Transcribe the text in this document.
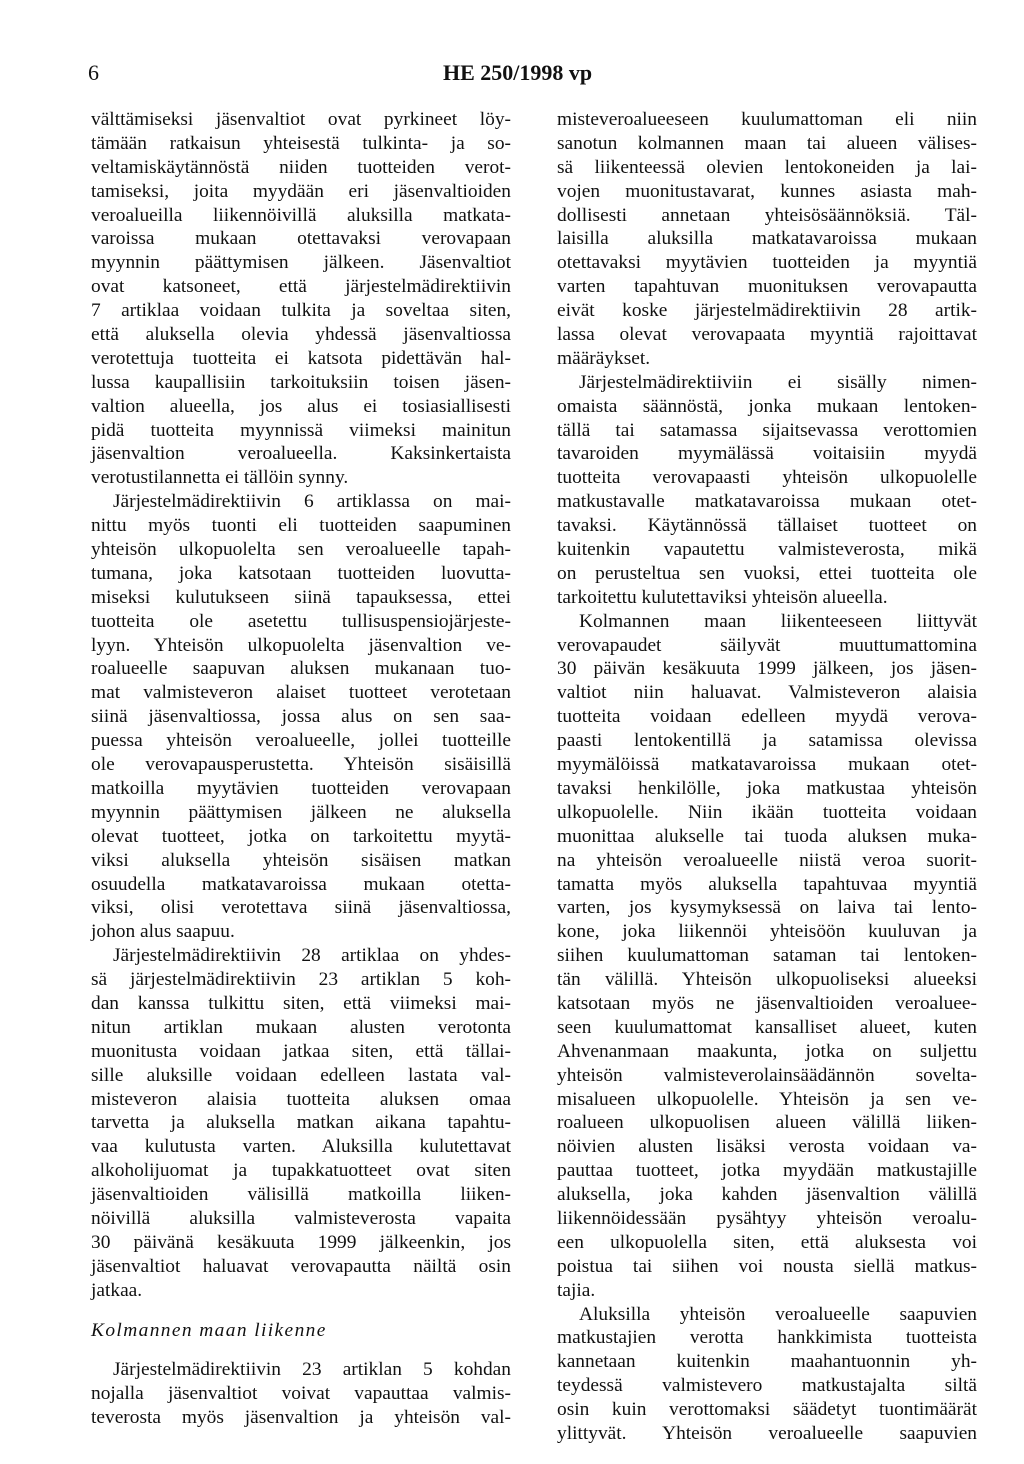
6	HE 250/1998 vp
välttämiseksi jäsenvaltiot ovat pyrkineet löy-
tämään ratkaisun yhteisestä tulkinta- ja so-
veltamiskäytännöstä niiden tuotteiden verot-
tamiseksi, joita myydään eri jäsenvaltioiden
veroalueilla liikennöivillä aluksilla matkata-
varoissa mukaan otettavaksi verovapaan
myynnin päättymisen jälkeen. Jäsenvaltiot
ovat katsoneet, että järjestelmädirektiivin
7 artiklaa voidaan tulkita ja soveltaa siten,
että aluksella olevia yhdessä jäsenvaltiossa
verotettuja tuotteita ei katsota pidettävän hal-
lussa kaupallisiin tarkoituksiin toisen jäsen-
valtion alueella, jos alus ei tosiasiallisesti
pidä tuotteita myynnissä viimeksi mainitun
jäsenvaltion veroalueella. Kaksinkertaista
verotustilannetta ei tällöin synny.
Järjestelmädirektiivin 6 artiklassa on mai-
nittu myös tuonti eli tuotteiden saapuminen
yhteisön ulkopuolelta sen veroalueelle tapah-
tumana, joka katsotaan tuotteiden luovutta-
miseksi kulutukseen siinä tapauksessa, ettei
tuotteita ole asetettu tullisuspensiojärjeste-
lyyn. Yhteisön ulkopuolelta jäsenvaltion ve-
roalueelle saapuvan aluksen mukanaan tuo-
mat valmisteveron alaiset tuotteet verotetaan
siinä jäsenvaltiossa, jossa alus on sen saa-
puessa yhteisön veroalueelle, jollei tuotteille
ole verovapausperustetta. Yhteisön sisäisillä
matkoilla myytävien tuotteiden verovapaan
myynnin päättymisen jälkeen ne aluksella
olevat tuotteet, jotka on tarkoitettu myytä-
viksi aluksella yhteisön sisäisen matkan
osuudella matkatavaroissa mukaan otetta-
viksi, olisi verotettava siinä jäsenvaltiossa,
johon alus saapuu.
Järjestelmädirektiivin 28 artiklaa on yhdes-
sä järjestelmädirektiivin 23 artiklan 5 koh-
dan kanssa tulkittu siten, että viimeksi mai-
nitun artiklan mukaan alusten verotonta
muonitusta voidaan jatkaa siten, että tällai-
sille aluksille voidaan edelleen lastata val-
misteveron alaisia tuotteita aluksen omaa
tarvetta ja aluksella matkan aikana tapahtu-
vaa kulutusta varten. Aluksilla kulutettavat
alkoholijuomat ja tupakkatuotteet ovat siten
jäsenvaltioiden välisillä matkoilla liiken-
nöivillä aluksilla valmisteverosta vapaita
30 päivänä kesäkuuta 1999 jälkeenkin, jos
jäsenvaltiot haluavat verovapautta näiltä osin
jatkaa.
Kolmannen maan liikenne
Järjestelmädirektiivin 23 artiklan 5 kohdan
nojalla jäsenvaltiot voivat vapauttaa valmis-
teverosta myös jäsenvaltion ja yhteisön val-
misteveroalueeseen kuulumattoman eli niin
sanotun kolmannen maan tai alueen välises-
sä liikenteessä olevien lentokoneiden ja lai-
vojen muonitustavarat, kunnes asiasta mah-
dollisesti annetaan yhteisösäännöksiä. Täl-
laisilla aluksilla matkatavaroissa mukaan
otettavaksi myytävien tuotteiden ja myyntiä
varten tapahtuvan muonituksen verovapautta
eivät koske järjestelmädirektiivin 28 artik-
lassa olevat verovapaata myyntiä rajoittavat
määräykset.
Järjestelmädirektiiviin ei sisälly nimen-
omaista säännöstä, jonka mukaan lentoken-
tällä tai satamassa sijaitsevassa verottomien
tavaroiden myymälässä voitaisiin myydä
tuotteita verovapaasti yhteisön ulkopuolelle
matkustavalle matkatavaroissa mukaan otet-
tavaksi. Käytännössä tällaiset tuotteet on
kuitenkin vapautettu valmisteverosta, mikä
on perusteltua sen vuoksi, ettei tuotteita ole
tarkoitettu kulutettaviksi yhteisön alueella.
Kolmannen maan liikenteeseen liittyvät
verovapaudet säilyvät muuttumattomina
30 päivän kesäkuuta 1999 jälkeen, jos jäsen-
valtiot niin haluavat. Valmisteveron alaisia
tuotteita voidaan edelleen myydä verova-
paasti lentokentillä ja satamissa olevissa
myymälöissä matkatavaroissa mukaan otet-
tavaksi henkilölle, joka matkustaa yhteisön
ulkopuolelle. Niin ikään tuotteita voidaan
muonittaa alukselle tai tuoda aluksen muka-
na yhteisön veroalueelle niistä veroa suorit-
tamatta myös aluksella tapahtuvaa myyntiä
varten, jos kysymyksessä on laiva tai lento-
kone, joka liikennöi yhteisöön kuuluvan ja
siihen kuulumattoman sataman tai lentoken-
tän välillä. Yhteisön ulkopuoliseksi alueeksi
katsotaan myös ne jäsenvaltioiden veroaluee-
seen kuulumattomat kansalliset alueet, kuten
Ahvenanmaan maakunta, jotka on suljettu
yhteisön valmisteverolainsäädännön sovelta-
misalueen ulkopuolelle. Yhteisön ja sen ve-
roalueen ulkopuolisen alueen välillä liiken-
nöivien alusten lisäksi verosta voidaan va-
pauttaa tuotteet, jotka myydään matkustajille
aluksella, joka kahden jäsenvaltion välillä
liikennöidessään pysähtyy yhteisön veroalu-
een ulkopuolella siten, että aluksesta voi
poistua tai siihen voi nousta siellä matkus-
tajia.
Aluksilla yhteisön veroalueelle saapuvien
matkustajien verotta hankkimista tuotteista
kannetaan kuitenkin maahantuonnin yh-
teydessä valmistevero matkustajalta siltä
osin kuin verottomaksi säädetyt tuontimäärät
ylittyvät. Yhteisön veroalueelle saapuvien
